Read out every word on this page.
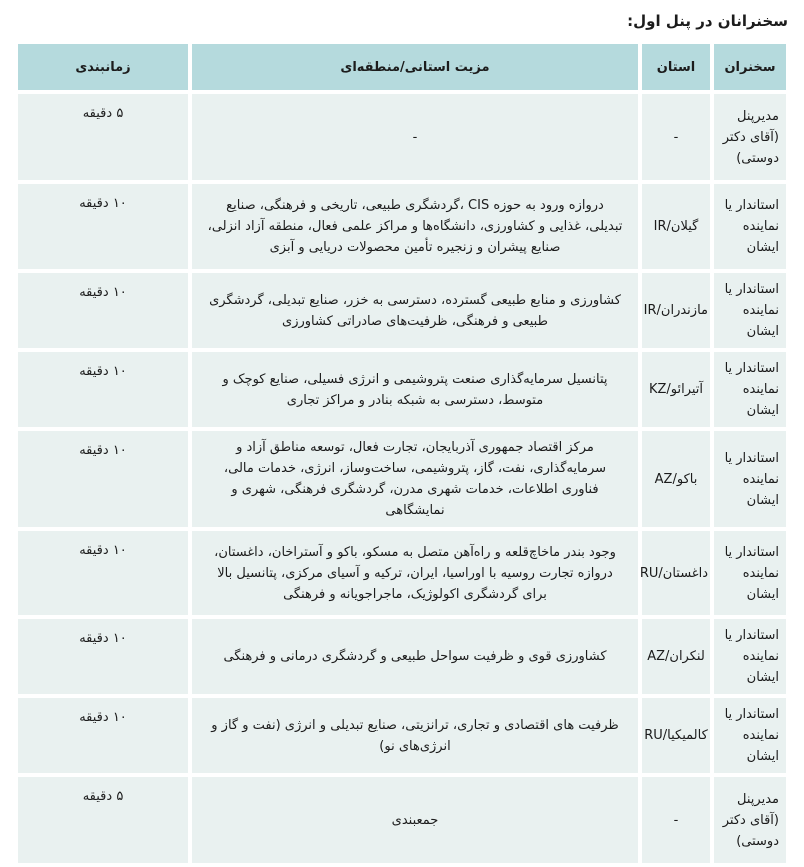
سخنرانان در پنل اول:
سخنران	استان	مزیت استانی/منطقه‌ای	زمانبندی
مدیرپنل (آقای دکتر دوستی)	-	-	۵ دقیقه
استاندار یا نماینده ایشان	گیلان/IR	دروازه ورود به حوزه CIS ،گردشگری طبیعی، تاریخی و فرهنگی، صنایع تبدیلی، غذایی و کشاورزی، دانشگاه‌ها و مراکز علمی فعال، منطقه آزاد انزلی، صنایع پیشران و زنجیره تأمین محصولات دریایی و آبزی	۱۰ دقیقه
استاندار یا نماینده ایشان	مازندران/IR	کشاورزی و منابع طبیعی گسترده، دسترسی به خزر، صنایع تبدیلی، گردشگری طبیعی و فرهنگی، ظرفیت‌های صادراتی کشاورزی	۱۰ دقیقه
استاندار یا نماینده ایشان	آتیرائو/KZ	پتانسیل سرمایه‌گذاری صنعت پتروشیمی و انرژی فسیلی، صنایع کوچک و متوسط، دسترسی به شبکه بنادر و مراکز تجاری	۱۰ دقیقه
استاندار یا نماینده ایشان	باکو/AZ	مرکز اقتصاد جمهوری آذربایجان، تجارت فعال، توسعه مناطق آزاد و سرمایه‌گذاری، نفت، گاز، پتروشیمی، ساخت‌وساز، انرژی، خدمات مالی، فناوری اطلاعات، خدمات شهری مدرن، گردشگری فرهنگی، شهری و نمایشگاهی	۱۰ دقیقه
استاندار یا نماینده ایشان	داغستان/RU	وجود بندر ماخاچ‌قلعه و راه‌آهن متصل به مسکو، باکو و آستراخان، داغستان، دروازه تجارت روسیه با اوراسیا، ایران، ترکیه و آسیای مرکزی، پتانسیل بالا برای گردشگری اکولوژیک، ماجراجویانه و فرهنگی	۱۰ دقیقه
استاندار یا نماینده ایشان	لنکران/AZ	کشاورزی قوی و ظرفیت سواحل طبیعی و گردشگری درمانی و فرهنگی	۱۰ دقیقه
استاندار یا نماینده ایشان	کالمیکیا/RU	ظرفیت های اقتصادی و تجاری، ترانزیتی، صنایع تبدیلی و انرژی (نفت و گاز و انرژی‌های نو)	۱۰ دقیقه
مدیرپنل (آقای دکتر دوستی)	-	جمعبندی	۵ دقیقه
